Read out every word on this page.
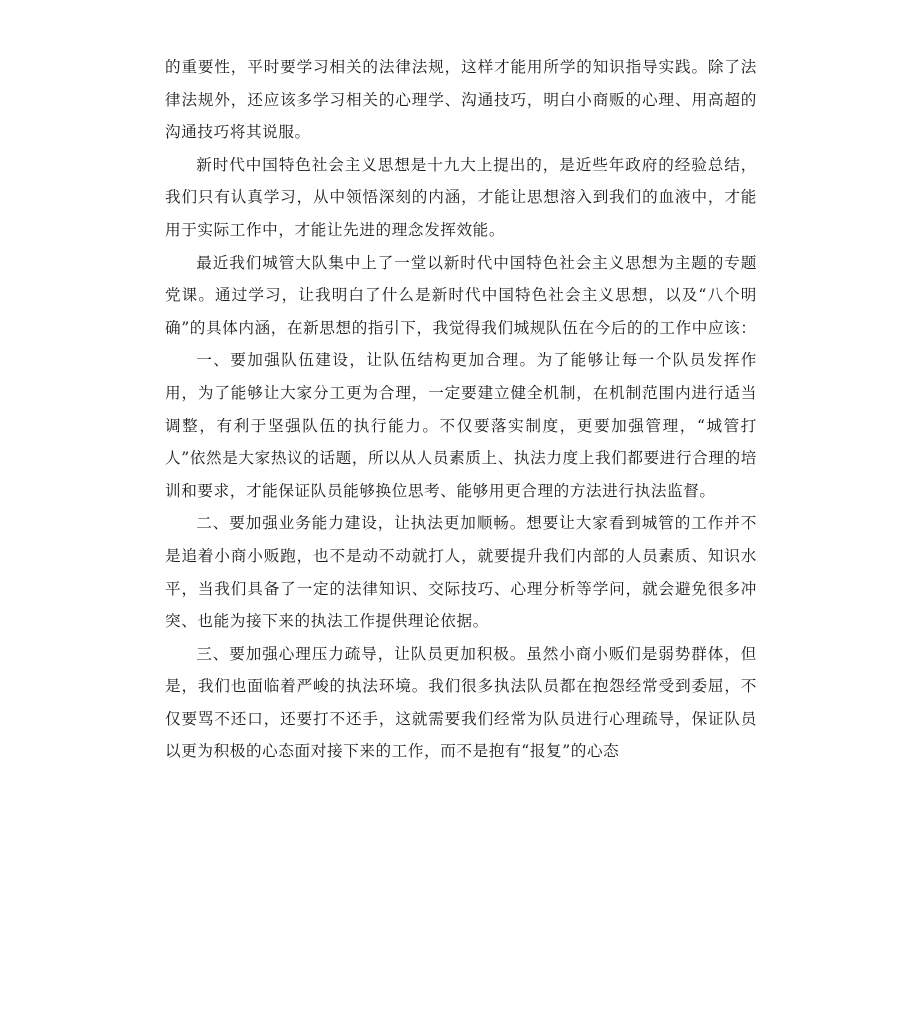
的重要性，平时要学习相关的法律法规，这样才能用所学的知识指导实践。除了法律法规外，还应该多学习相关的心理学、沟通技巧，明白小商贩的心理、用高超的沟通技巧将其说服。

新时代中国特色社会主义思想是十九大上提出的，是近些年政府的经验总结，我们只有认真学习，从中领悟深刻的内涵，才能让思想溶入到我们的血液中，才能用于实际工作中，才能让先进的理念发挥效能。

最近我们城管大队集中上了一堂以新时代中国特色社会主义思想为主题的专题党课。通过学习，让我明白了什么是新时代中国特色社会主义思想，以及“八个明确”的具体内涵，在新思想的指引下，我觉得我们城规队伍在今后的的工作中应该：

一、要加强队伍建设，让队伍结构更加合理。为了能够让每一个队员发挥作用，为了能够让大家分工更为合理，一定要建立健全机制，在机制范围内进行适当调整，有利于坚强队伍的执行能力。不仅要落实制度，更要加强管理，“城管打人”依然是大家热议的话题，所以从人员素质上、执法力度上我们都要进行合理的培训和要求，才能保证队员能够换位思考、能够用更合理的方法进行执法监督。

二、要加强业务能力建设，让执法更加顺畅。想要让大家看到城管的工作并不是追着小商小贩跑，也不是动不动就打人，就要提升我们内部的人员素质、知识水平，当我们具备了一定的法律知识、交际技巧、心理分析等学问，就会避免很多冲突、也能为接下来的执法工作提供理论依据。

三、要加强心理压力疏导，让队员更加积极。虽然小商小贩们是弱势群体，但是，我们也面临着严峻的执法环境。我们很多执法队员都在抱怨经常受到委屈，不仅要骂不还口，还要打不还手，这就需要我们经常为队员进行心理疏导，保证队员以更为积极的心态面对接下来的工作，而不是抱有“报复”的心态
